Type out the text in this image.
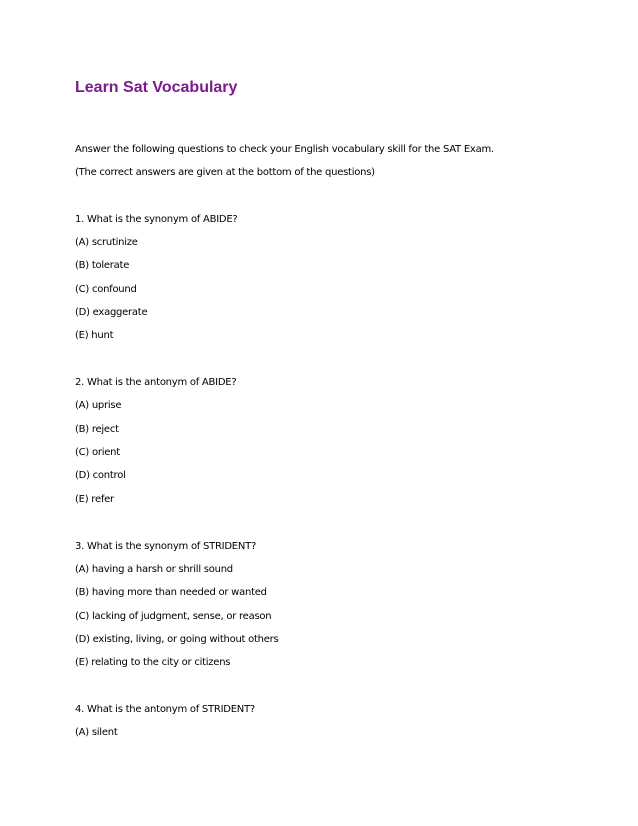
Learn Sat Vocabulary
Answer the following questions to check your English vocabulary skill for the SAT Exam.
(The correct answers are given at the bottom of the questions)
1. What is the synonym of ABIDE?
(A) scrutinize
(B) tolerate
(C) confound
(D) exaggerate
(E) hunt
2. What is the antonym of ABIDE?
(A) uprise
(B) reject
(C) orient
(D) control
(E) refer
3. What is the synonym of STRIDENT?
(A) having a harsh or shrill sound
(B) having more than needed or wanted
(C) lacking of judgment, sense, or reason
(D) existing, living, or going without others
(E) relating to the city or citizens
4. What is the antonym of STRIDENT?
(A) silent
